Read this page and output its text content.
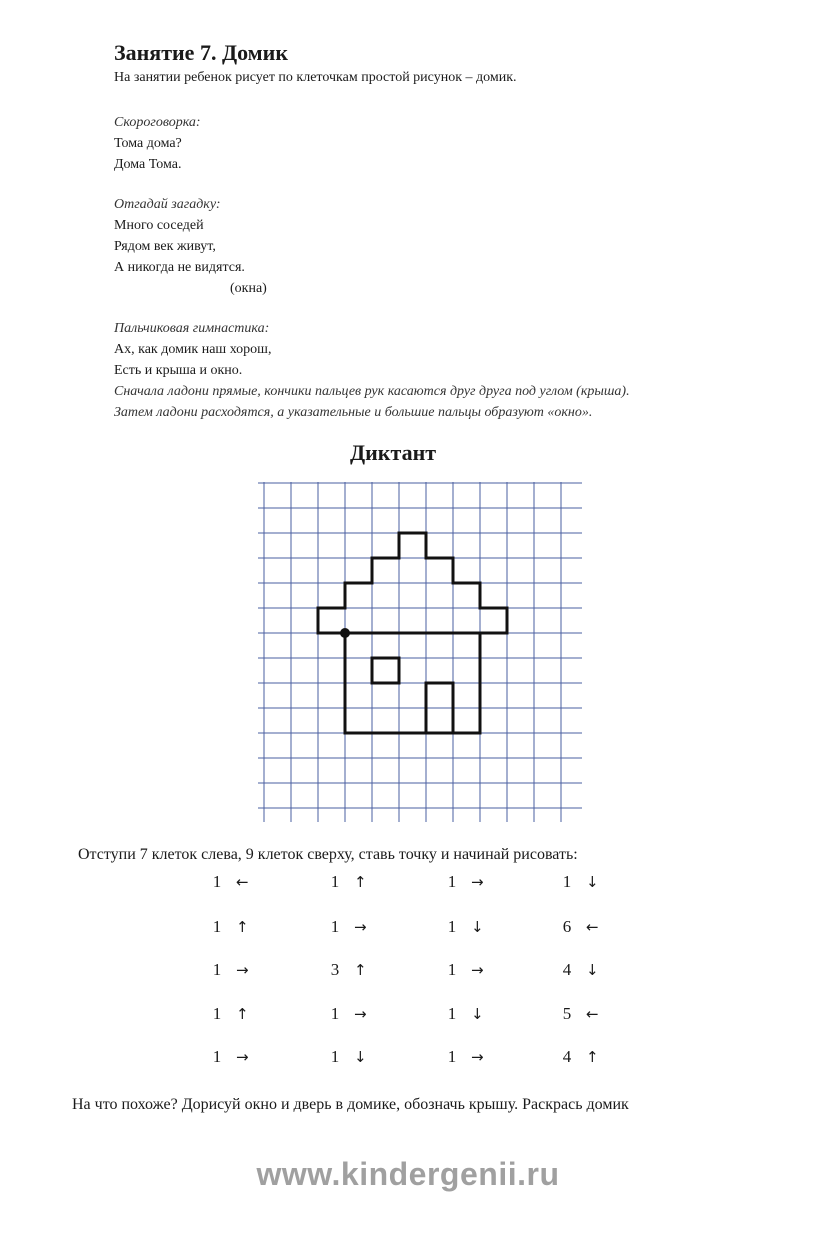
Занятие 7. Домик
На занятии ребенок рисует по клеточкам простой рисунок – домик.
Скороговорка:
Тома дома?
Дома Тома.
Отгадай загадку:
Много соседей
Рядом век живут,
А никогда не видятся.
(окна)
Пальчиковая гимнастика:
Ах, как домик наш хорош,
Есть и крыша и окно.
Сначала ладони прямые, кончики пальцев рук касаются друг друга под углом (крыша).
Затем ладони расходятся, а указательные и большие пальцы образуют «окно».
Диктант
Отступи 7 клеток слева, 9 клеток сверху, ставь точку и начинай рисовать:
1 ←
1 ↑
1 →
1 ↑
1 →
1 ↑
1 →
3 ↑
1 →
1 ↓
1 →
1 ↓
1 →
1 ↓
1 →
1 ↓
6 ←
4 ↓
5 ←
4 ↑
На что похоже? Дорисуй окно и дверь в домике, обозначь крышу. Раскрась домик
www.kindergenii.ru
